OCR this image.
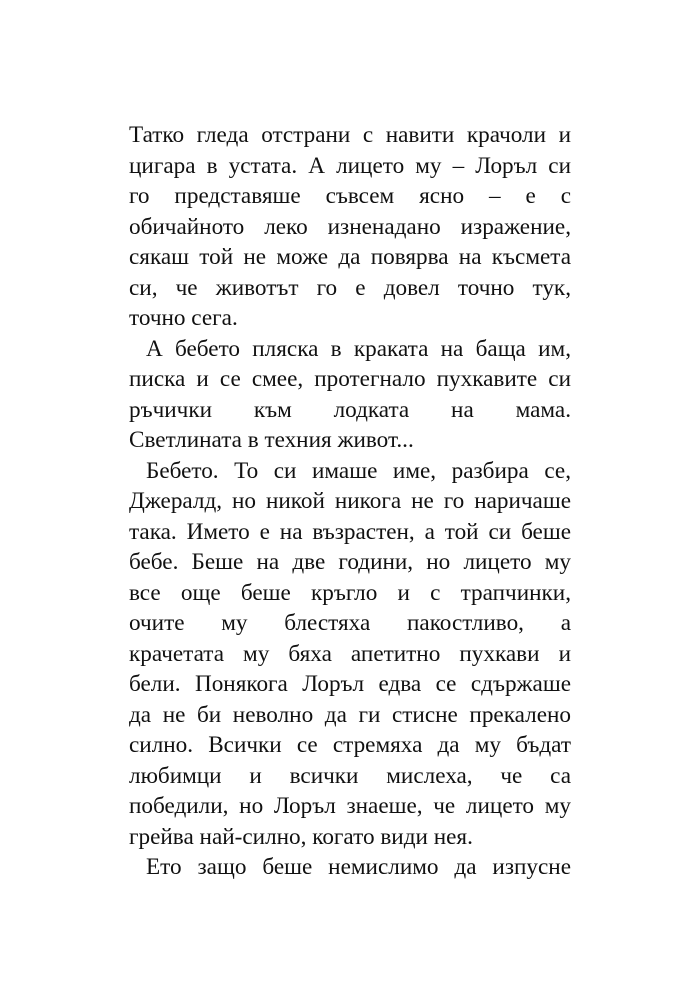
Татко гледа отстрани с навити крачоли и
цигара в устата. А лицето му – Лоръл си
го представяше съвсем ясно – е с
обичайното леко изненадано изражение,
сякаш той не може да повярва на късмета
си, че животът го е довел точно тук,
точно сега.
А бебето пляска в краката на баща им,
писка и се смее, протегнало пухкавите си
ръчички към лодката на мама.
Светлината в техния живот...
Бебето. То си имаше име, разбира се,
Джералд, но никой никога не го наричаше
така. Името е на възрастен, а той си беше
бебе. Беше на две години, но лицето му
все още беше кръгло и с трапчинки,
очите му блестяха пакостливо, а
крачетата му бяха апетитно пухкави и
бели. Понякога Лоръл едва се сдържаше
да не би неволно да ги стисне прекалено
силно. Всички се стремяха да му бъдат
любимци и всички мислеха, че са
победили, но Лоръл знаеше, че лицето му
грейва най-силно, когато види нея.
Ето защо беше немислимо да изпусне
